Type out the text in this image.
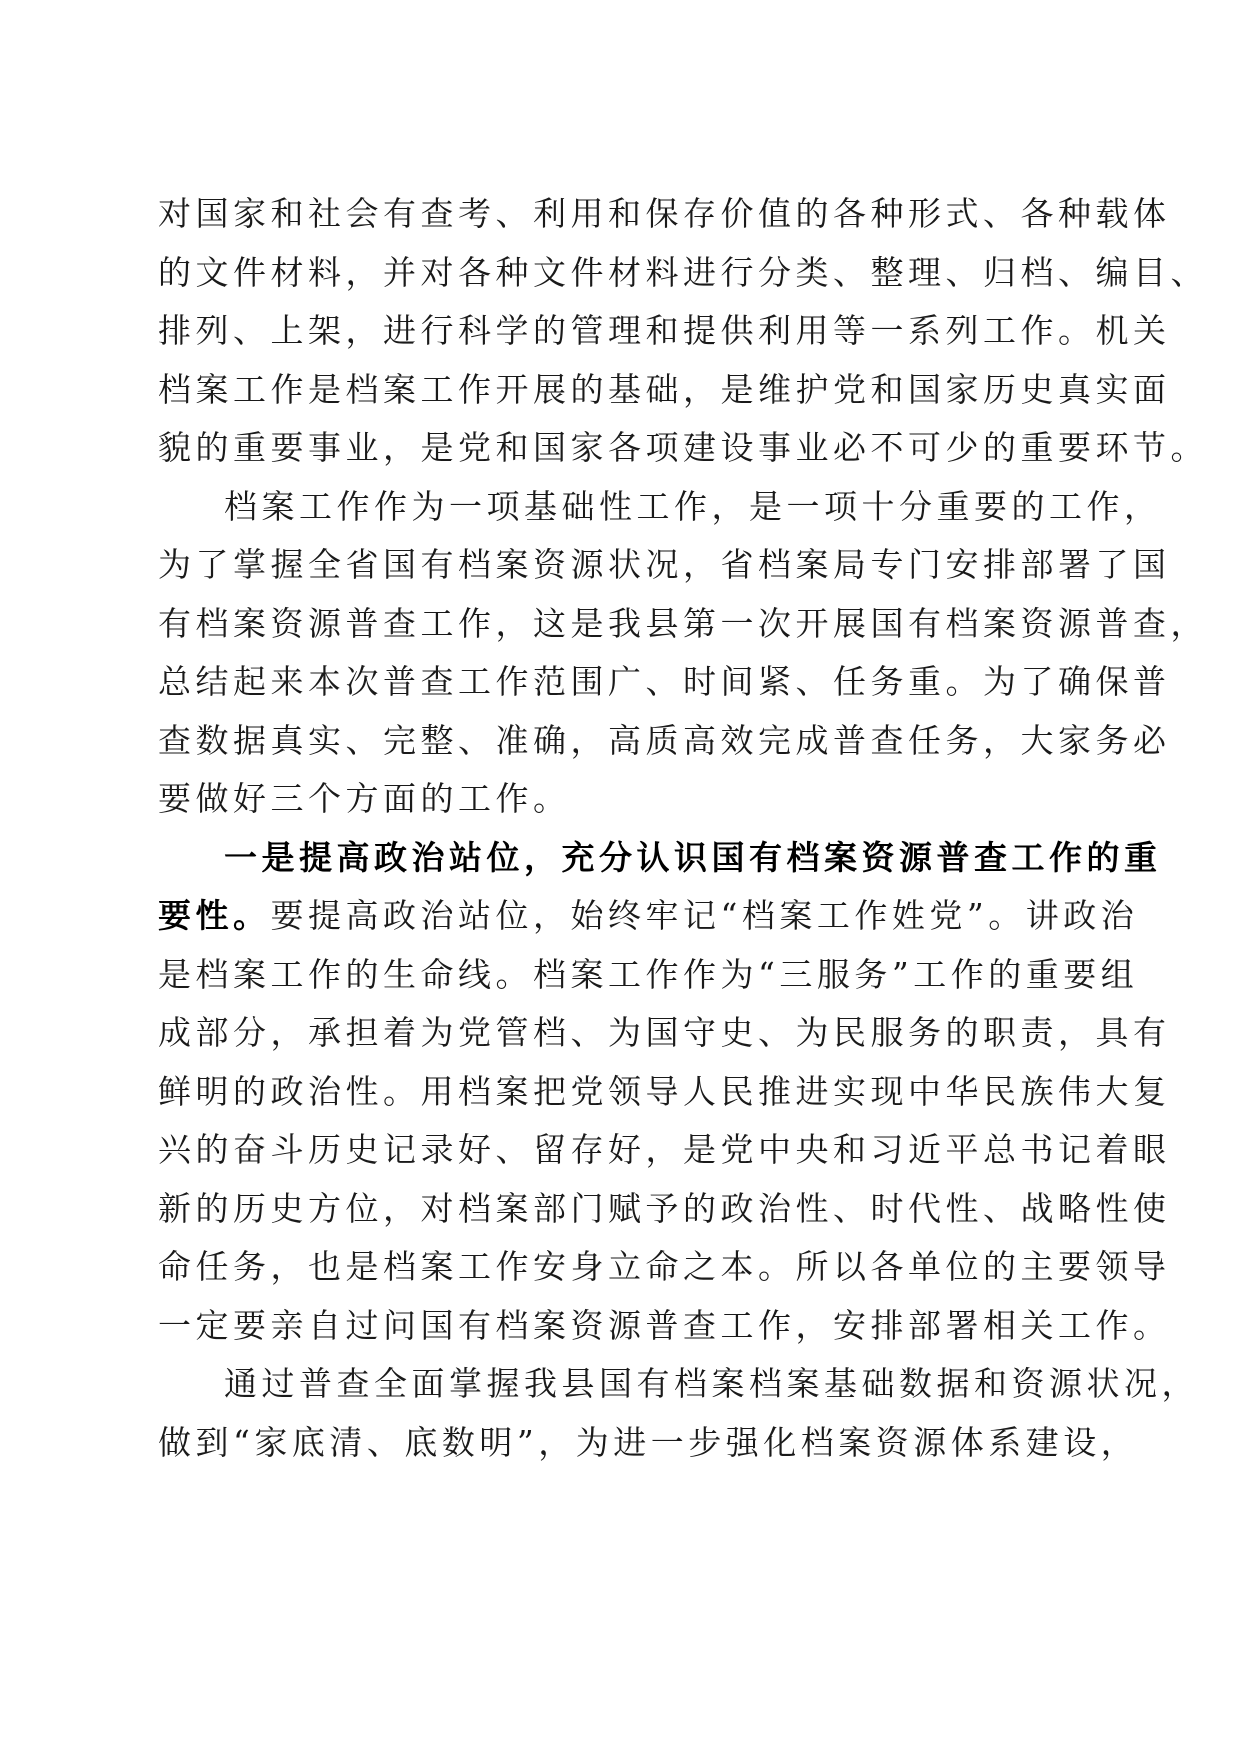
对国家和社会有查考、利用和保存价值的各种形式、各种载体
的文件材料，并对各种文件材料进行分类、整理、归档、编目、
排列、上架，进行科学的管理和提供利用等一系列工作。机关
档案工作是档案工作开展的基础，是维护党和国家历史真实面
貌的重要事业，是党和国家各项建设事业必不可少的重要环节。

档案工作作为一项基础性工作，是一项十分重要的工作，
为了掌握全省国有档案资源状况，省档案局专门安排部署了国
有档案资源普查工作，这是我县第一次开展国有档案资源普查，
总结起来本次普查工作范围广、时间紧、任务重。为了确保普
查数据真实、完整、准确，高质高效完成普查任务，大家务必
要做好三个方面的工作。

一是提高政治站位，充分认识国有档案资源普查工作的重
要性。要提高政治站位，始终牢记“档案工作姓党”。讲政治
是档案工作的生命线。档案工作作为“三服务”工作的重要组
成部分，承担着为党管档、为国守史、为民服务的职责，具有
鲜明的政治性。用档案把党领导人民推进实现中华民族伟大复
兴的奋斗历史记录好、留存好，是党中央和习近平总书记着眼
新的历史方位，对档案部门赋予的政治性、时代性、战略性使
命任务，也是档案工作安身立命之本。所以各单位的主要领导
一定要亲自过问国有档案资源普查工作，安排部署相关工作。

通过普查全面掌握我县国有档案档案基础数据和资源状况，
做到“家底清、底数明”，为进一步强化档案资源体系建设，
